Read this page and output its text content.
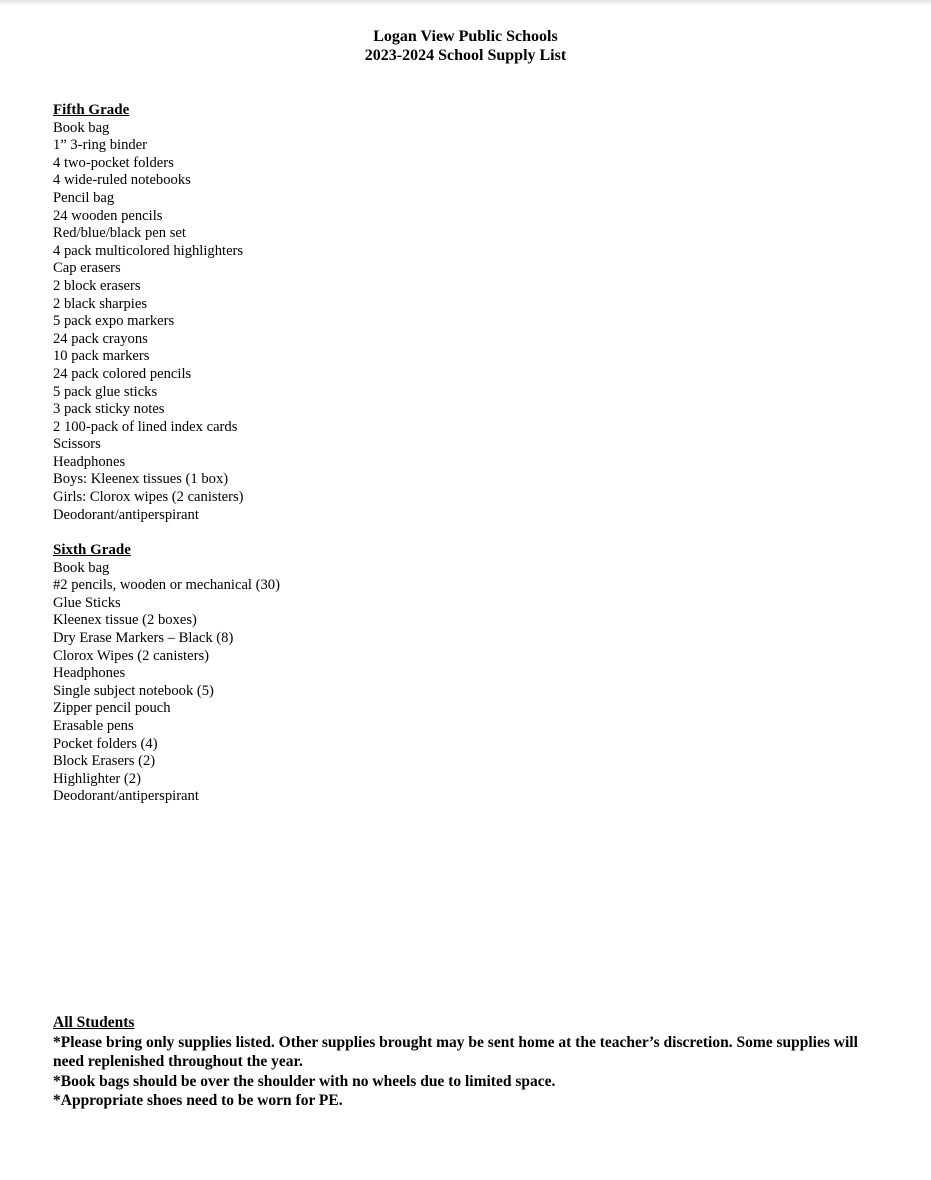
Logan View Public Schools
2023-2024 School Supply List
Fifth Grade
Book bag
1” 3-ring binder
4 two-pocket folders
4 wide-ruled notebooks
Pencil bag
24 wooden pencils
Red/blue/black pen set
4 pack multicolored highlighters
Cap erasers
2 block erasers
2 black sharpies
5 pack expo markers
24 pack crayons
10 pack markers
24 pack colored pencils
5 pack glue sticks
3 pack sticky notes
2 100-pack of lined index cards
Scissors
Headphones
Boys: Kleenex tissues (1 box)
Girls: Clorox wipes (2 canisters)
Deodorant/antiperspirant
Sixth Grade
Book bag
#2 pencils, wooden or mechanical (30)
Glue Sticks
Kleenex tissue (2 boxes)
Dry Erase Markers – Black (8)
Clorox Wipes (2 canisters)
Headphones
Single subject notebook (5)
Zipper pencil pouch
Erasable pens
Pocket folders (4)
Block Erasers (2)
Highlighter (2)
Deodorant/antiperspirant
All Students

*Please bring only supplies listed. Other supplies brought may be sent home at the teacher’s discretion. Some supplies will need replenished throughout the year.

*Book bags should be over the shoulder with no wheels due to limited space.

*Appropriate shoes need to be worn for PE.
